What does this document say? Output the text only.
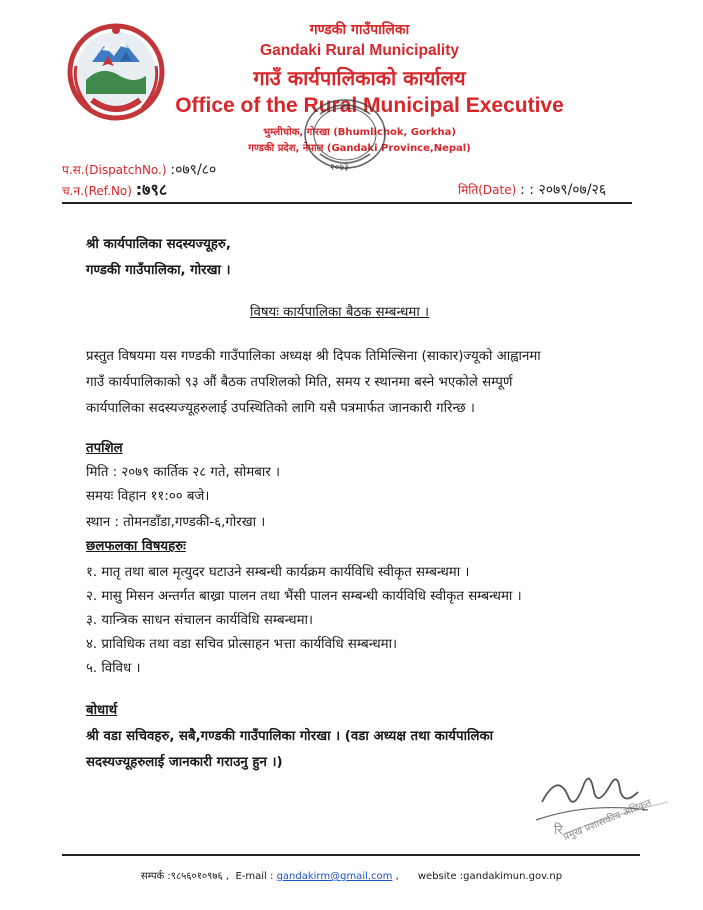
गण्डकी गाउँपालिका
Gandaki Rural Municipality
गाउँ कार्यपालिकाको कार्यालय
Office of the Rural Municipal Executive
भुम्लीचोक, गोरखा (Bhumlichok, Gorkha)
गण्डकी प्रदेश, नेपाल (Gandaki Province,Nepal)
२०७३
प.स.(DispatchNo.) :०७९/८०
च.न.(Ref.No) :७९८	मिति(Date) : : २०७९/०७/२६
श्री कार्यपालिका सदस्यज्यूहरु,
गण्डकी गाउँपालिका, गोरखा ।
विषयः कार्यपालिका बैठक सम्बन्धमा ।
प्रस्तुत विषयमा यस गण्डकी गाउँपालिका अध्यक्ष श्री दिपक तिमिल्सिना (साकार)ज्यूको आह्वानमा
गाउँ कार्यपालिकाको ९३ औं बैठक तपशिलको मिति, समय र स्थानमा बस्ने भएकोले सम्पूर्ण
कार्यपालिका सदस्यज्यूहरुलाई उपस्थितिको लागि यसै पत्रमार्फत जानकारी गरिन्छ ।
तपशिल
मिति : २०७९ कार्तिक २८ गते, सोमबार ।
समयः विहान ११:०० बजे।
स्थान : तोमनडाँडा,गण्डकी-६,गोरखा ।
छलफलका विषयहरुः
१. मातृ तथा बाल मृत्युदर घटाउने सम्बन्धी कार्यक्रम कार्यविधि स्वीकृत सम्बन्धमा ।
२. मासु मिसन अन्तर्गत बाख्रा पालन तथा भैंसी पालन सम्बन्धी कार्यविधि स्वीकृत सम्बन्धमा ।
३. यान्त्रिक साधन संचालन कार्यविधि सम्बन्धमा।
४. प्राविधिक तथा वडा सचिव प्रोत्साहन भत्ता कार्यविधि सम्बन्धमा।
५. विविध ।
बोधार्थ
श्री वडा सचिवहरु, सबै,गण्डकी गाउँपालिका गोरखा । (वडा अध्यक्ष तथा कार्यपालिका
सदस्यज्यूहरुलाई जानकारी गराउनु हुन ।)
प्रमुख प्रशासकीय अधिकृत
रि
सम्पर्क :९८५६०१०९७६ ,  E-mail : gandakirm@gmail.com ,      website :gandakimun.gov.np
